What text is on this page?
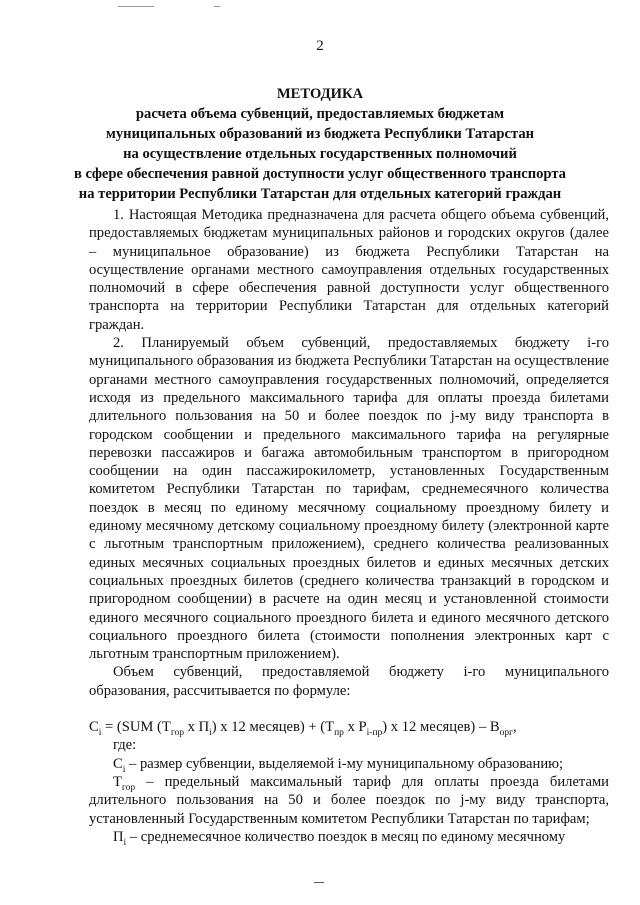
2
МЕТОДИКА
расчета объема субвенций, предоставляемых бюджетам
муниципальных образований из бюджета Республики Татарстан
на осуществление отдельных государственных полномочий
в сфере обеспечения равной доступности услуг общественного транспорта
на территории Республики Татарстан для отдельных категорий граждан

1. Настоящая Методика предназначена для расчета общего объема субвенций, предоставляемых бюджетам муниципальных районов и городских округов (далее – муниципальное образование) из бюджета Республики Татарстан на осуществление органами местного самоуправления отдельных государственных полномочий в сфере обеспечения равной доступности услуг общественного транспорта на территории Республики Татарстан для отдельных категорий граждан.

2. Планируемый объем субвенций, предоставляемых бюджету i-го муниципального образования из бюджета Республики Татарстан на осуществление органами местного самоуправления государственных полномочий, определяется исходя из предельного максимального тарифа для оплаты проезда билетами длительного пользования на 50 и более поездок по j-му виду транспорта в городском сообщении и предельного максимального тарифа на регулярные перевозки пассажиров и багажа автомобильным транспортом в пригородном сообщении на один пассажирокилометр, установленных Государственным комитетом Республики Татарстан по тарифам, среднемесячного количества поездок в месяц по единому месячному социальному проездному билету и единому месячному детскому социальному проездному билету (электронной карте с льготным транспортным приложением), среднего количества реализованных единых месячных социальных проездных билетов и единых месячных детских социальных проездных билетов (среднего количества транзакций в городском и пригородном сообщении) в расчете на один месяц и установленной стоимости единого месячного социального проездного билета и единого месячного детского социального проездного билета (стоимости пополнения электронных карт с льготным транспортным приложением).

Объем субвенций, предоставляемой бюджету i-го муниципального образования, рассчитывается по формуле:

$C_i = (SUM$ ($T_{гор}$ x $П_i$) x 12 месяцев) + ($T_{пр}$ x $P_{i-пр}$) x 12 месяцев) – $B_{орг}$,

где:

$C_i$ – размер субвенции, выделяемой i-му муниципальному образованию;

$T_{гор}$ – предельный максимальный тариф для оплаты проезда билетами длительного пользования на 50 и более поездок по j-му виду транспорта, установленный Государственным комитетом Республики Татарстан по тарифам;

$П_i$ – среднемесячное количество поездок в месяц по единому месячному
